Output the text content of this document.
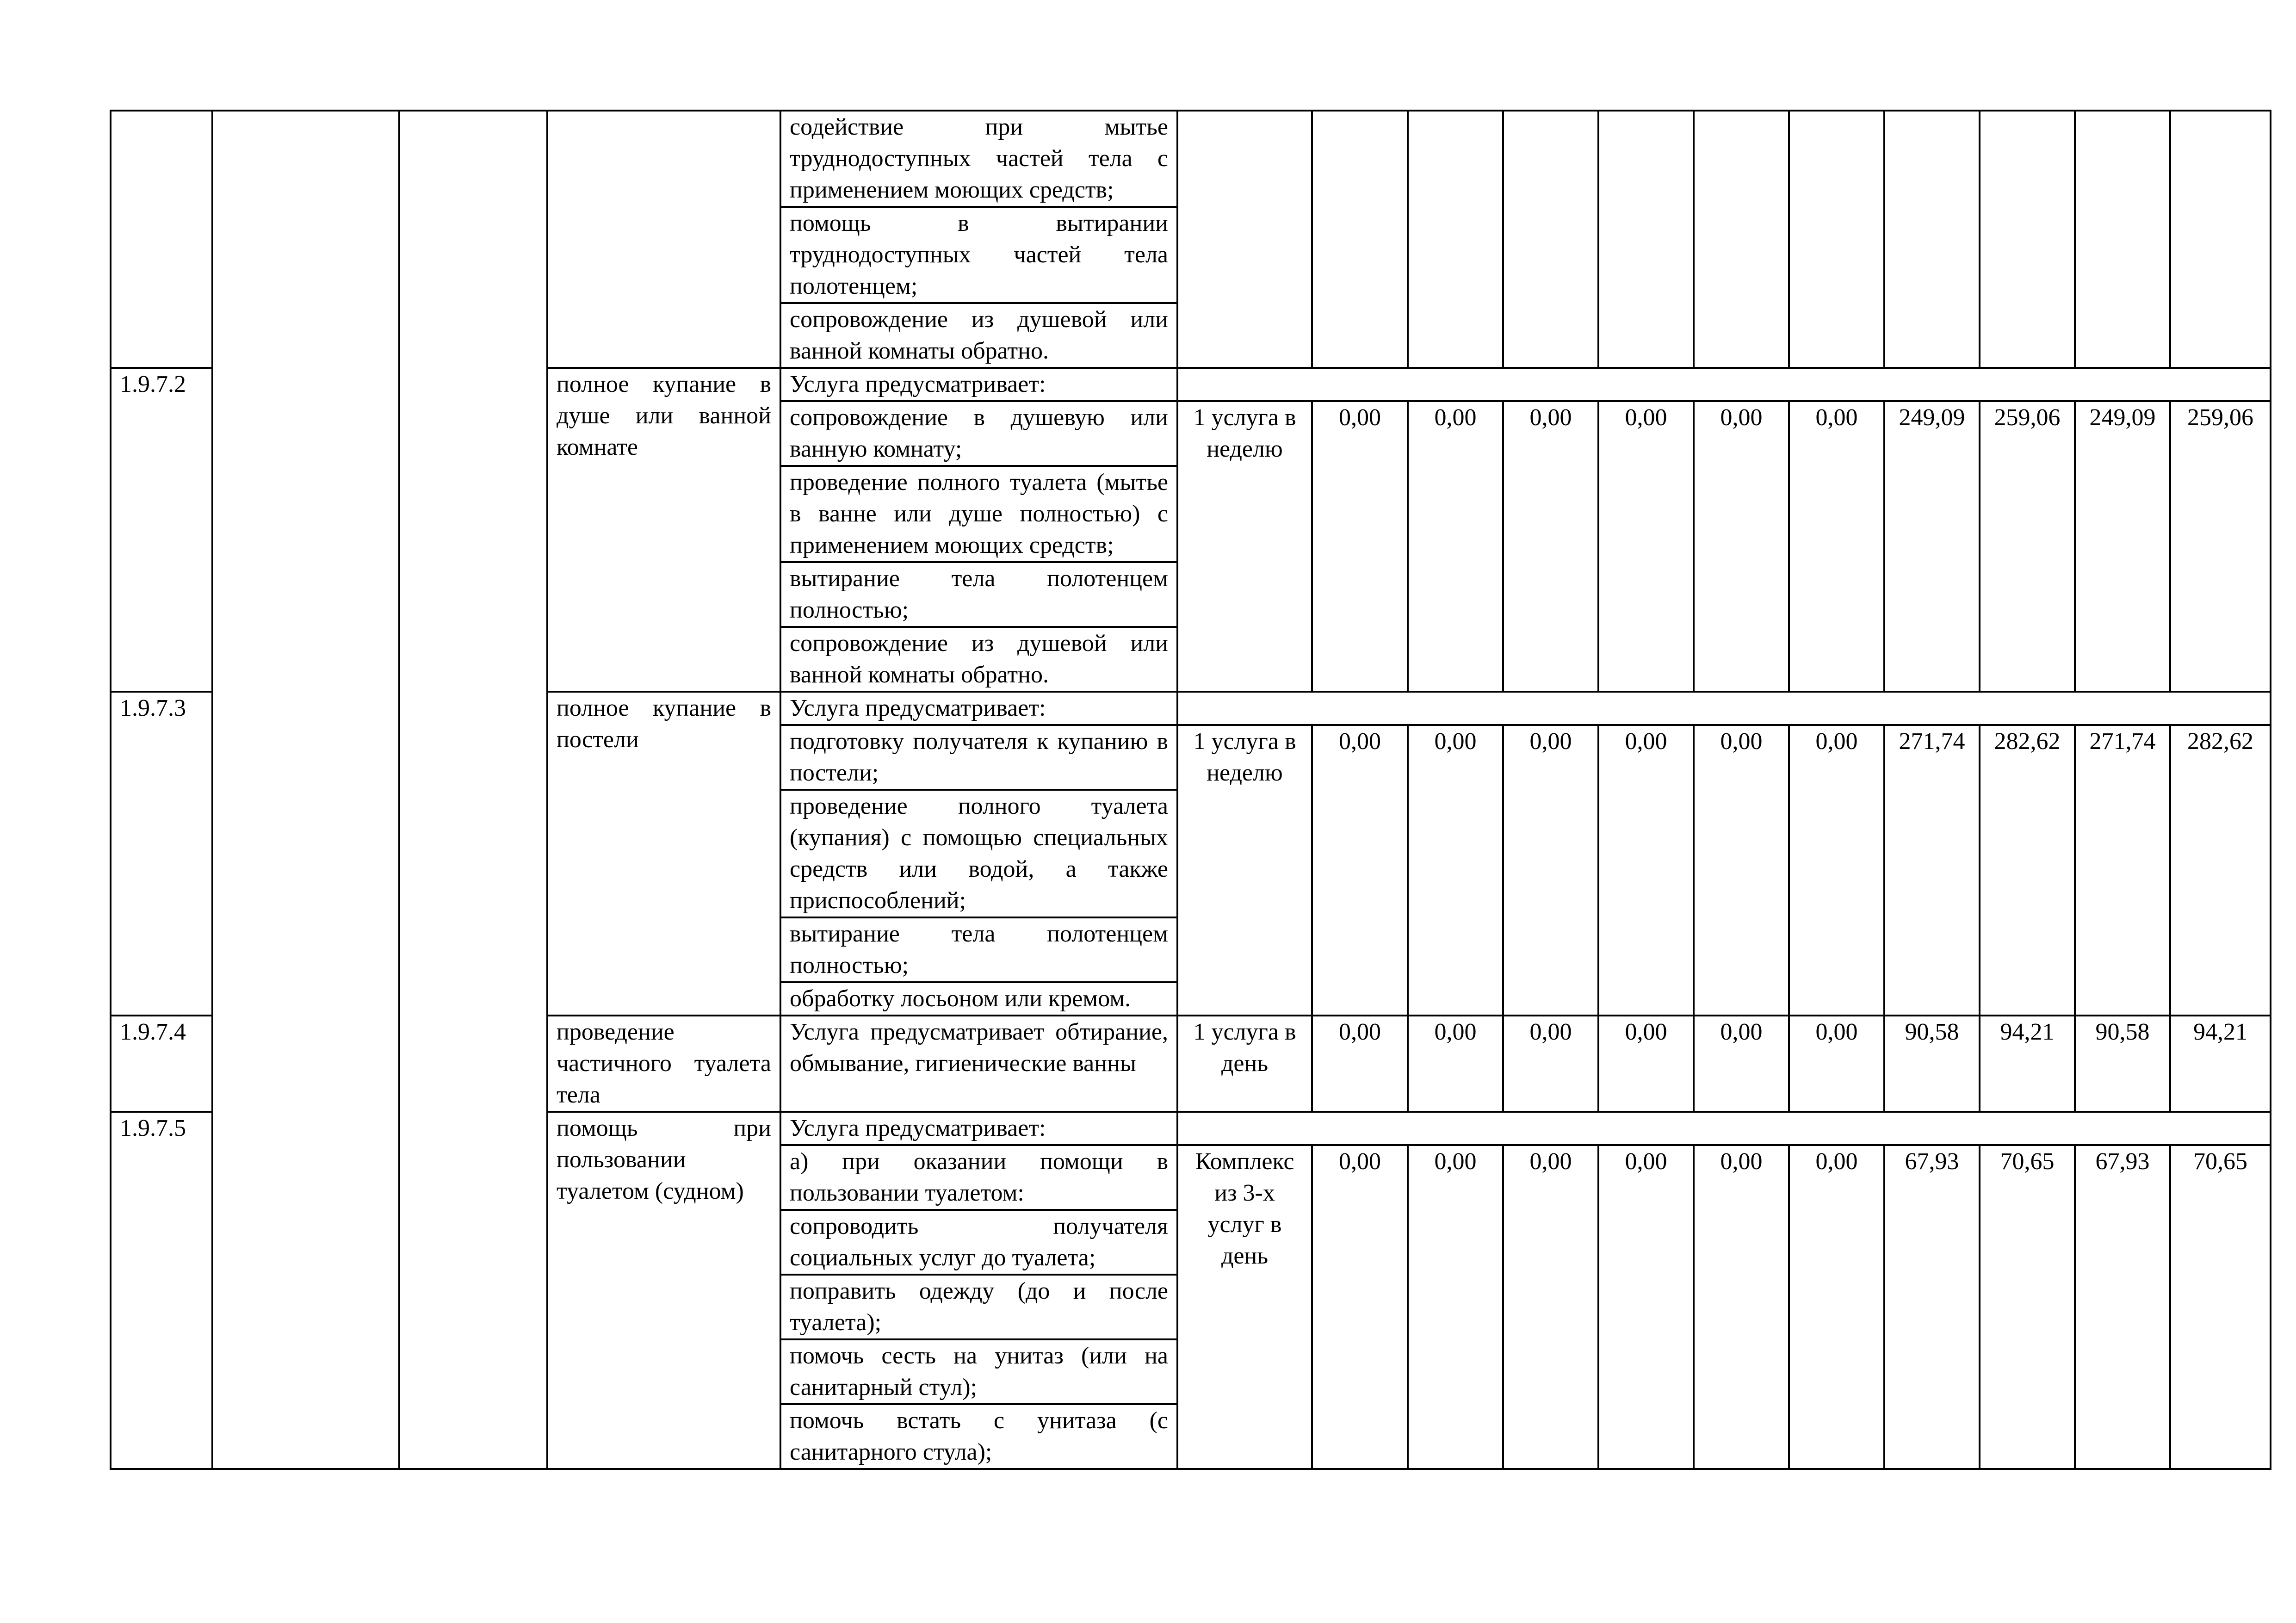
				содействие при мытье труднодоступных частей тела с применением моющих средств;											
				помощь в вытирании труднодоступных частей тела полотенцем;											
				сопровождение из душевой или ванной комнаты обратно.											
1.9.7.2			полное купание в душе или ванной комнате	Услуга предусматривает:											
				сопровождение в душевую или ванную комнату;	1 услуга в неделю	0,00	0,00	0,00	0,00	0,00	0,00	249,09	259,06	249,09	259,06
				проведение полного туалета (мытье в ванне или душе полностью) с применением моющих средств;											
				вытирание тела полотенцем полностью;											
				сопровождение из душевой или ванной комнаты обратно.											
1.9.7.3			полное купание в постели	Услуга предусматривает:											
				подготовку получателя к купанию в постели;	1 услуга в неделю	0,00	0,00	0,00	0,00	0,00	0,00	271,74	282,62	271,74	282,62
				проведение полного туалета (купания) с помощью специальных средств или водой, а также приспособлений;											
				вытирание тела полотенцем полностью;											
				обработку лосьоном или кремом.											
1.9.7.4			проведение частичного туалета тела	Услуга предусматривает обтирание, обмывание, гигиенические ванны	1 услуга в день	0,00	0,00	0,00	0,00	0,00	0,00	90,58	94,21	90,58	94,21
1.9.7.5			помощь при пользовании туалетом (судном)	Услуга предусматривает:											
				а) при оказании помощи в пользовании туалетом:	Комплекс из 3-х услуг в день	0,00	0,00	0,00	0,00	0,00	0,00	67,93	70,65	67,93	70,65
				сопроводить получателя социальных услуг до туалета;											
				поправить одежду (до и после туалета);											
				помочь сесть на унитаз (или на санитарный стул);											
				помочь встать с унитаза (с санитарного стула);											
